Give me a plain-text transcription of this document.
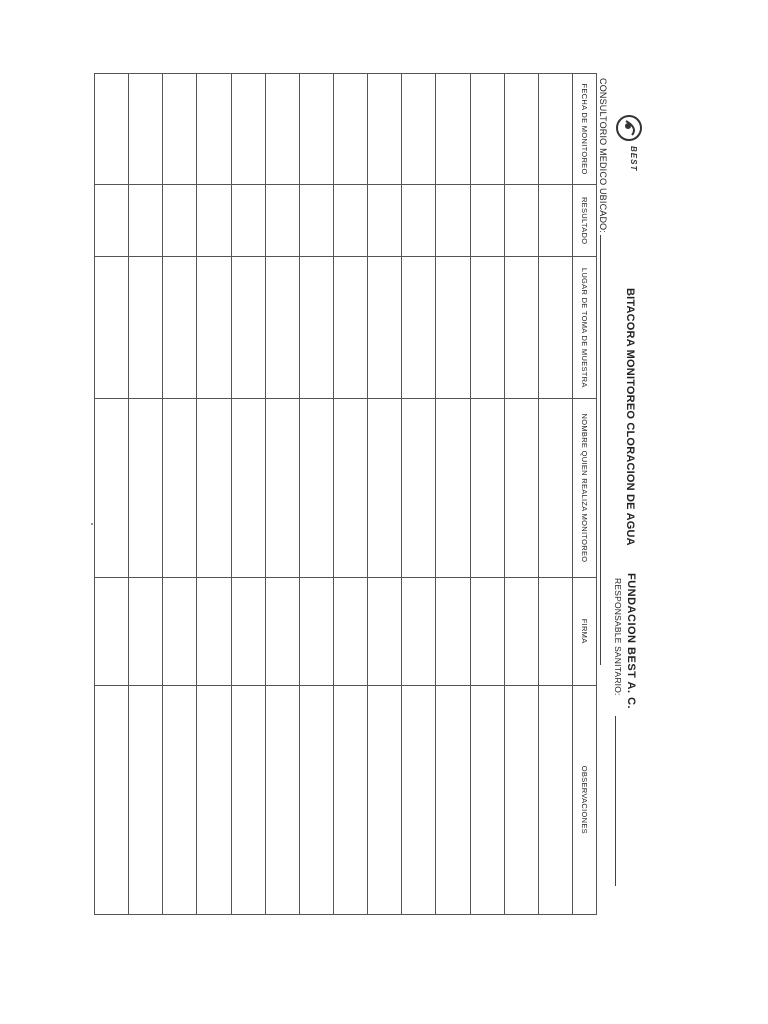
BEST
BITACORA MONITOREO CLORACION DE AGUA
FUNDACION BEST A. C.
CONSULTORIO MEDICO UBICADO:
RESPONSABLE SANITARIO:
FECHA DE MONITOREO	RESULTADO	LUGAR DE TOMA DE MUESTRA	NOMBRE QUIEN REALIZA MONITOREO	FIRMA	OBSERVACIONES
